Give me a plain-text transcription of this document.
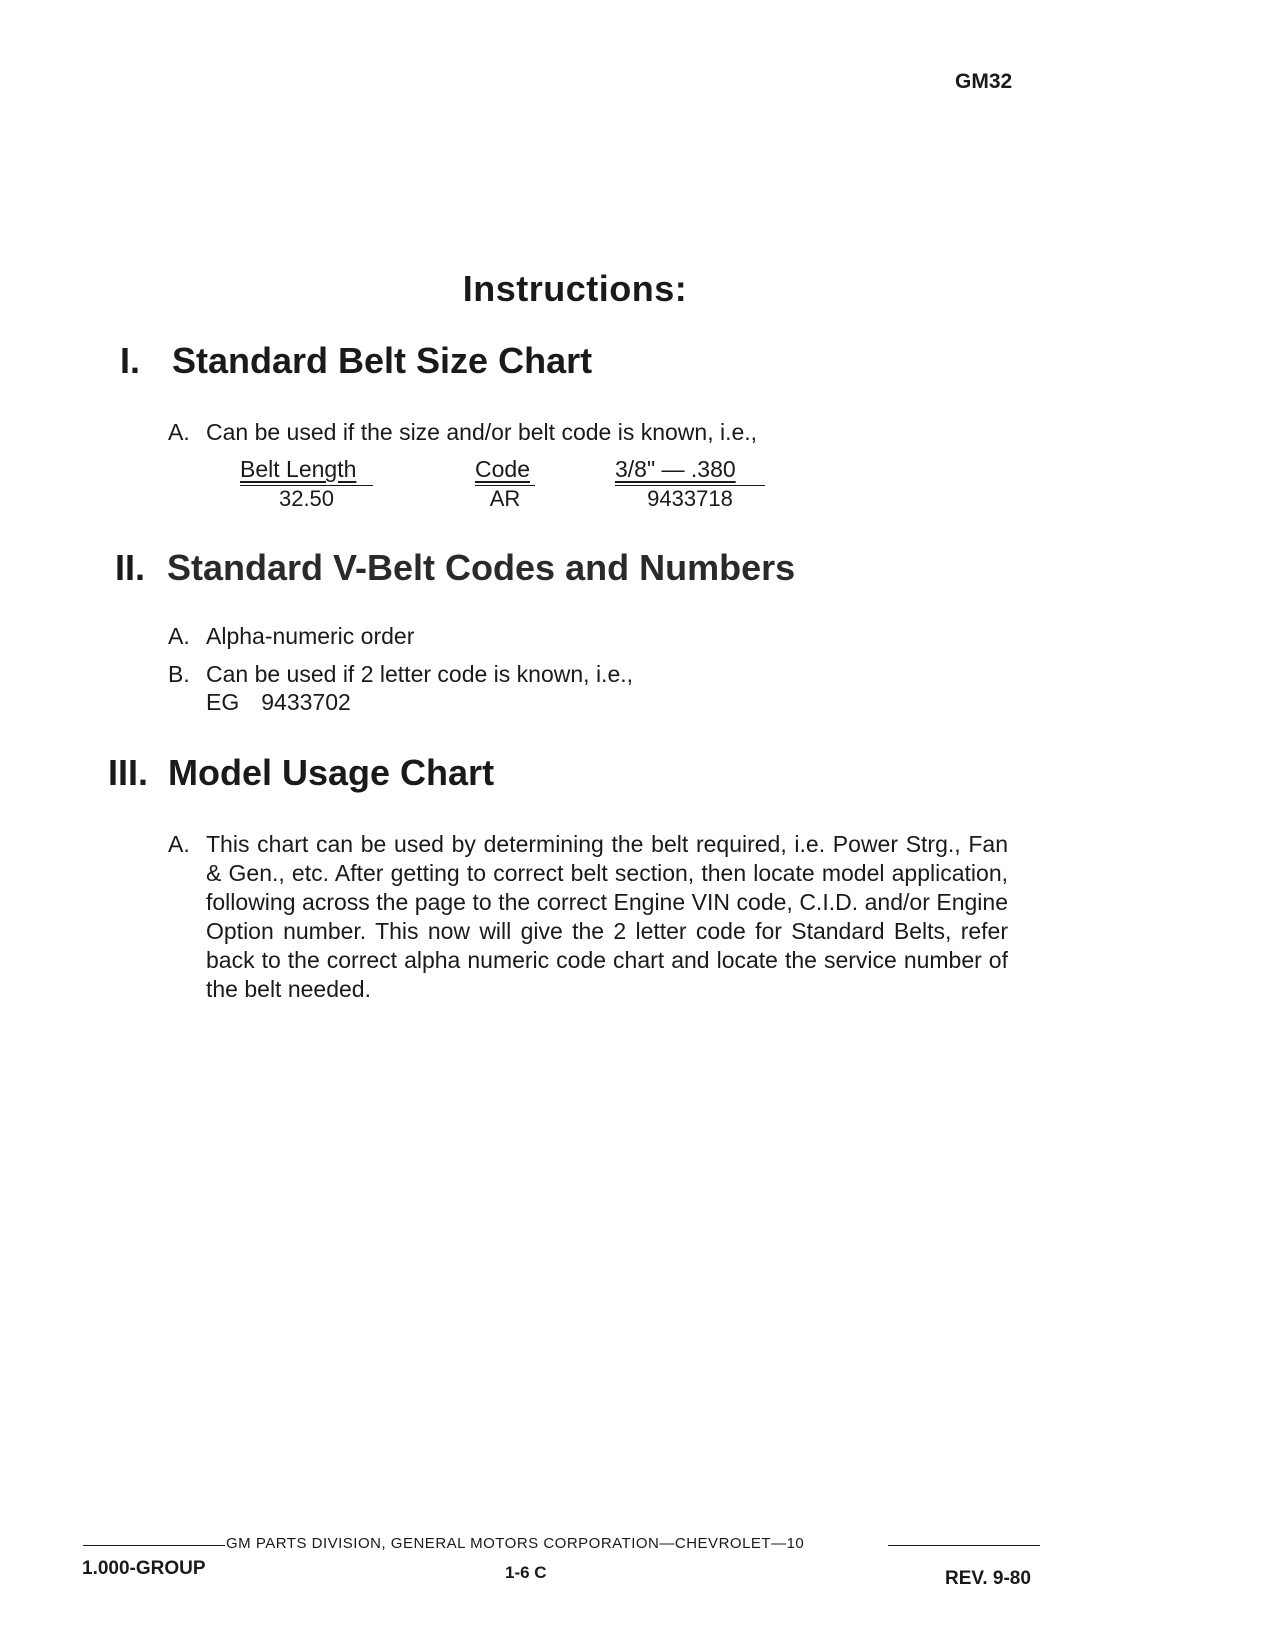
GM32
Instructions:
I. Standard Belt Size Chart
A. Can be used if the size and/or belt code is known, i.e.,
Belt Length
32.50
Code
AR
3/8" — .380
9433718
II. Standard V-Belt Codes and Numbers
A. Alpha-numeric order
B. Can be used if 2 letter code is known, i.e.,
EG 9433702
III. Model Usage Chart
A. This chart can be used by determining the belt required, i.e. Power Strg., Fan & Gen., etc. After getting to correct belt section, then locate model application, following across the page to the correct Engine VIN code, C.I.D. and/or Engine Option number. This now will give the 2 letter code for Standard Belts, refer back to the correct alpha numeric code chart and locate the service number of the belt needed.
GM PARTS DIVISION, GENERAL MOTORS CORPORATION—CHEVROLET—10
1.000-GROUP	1-6 C	REV. 9-80
